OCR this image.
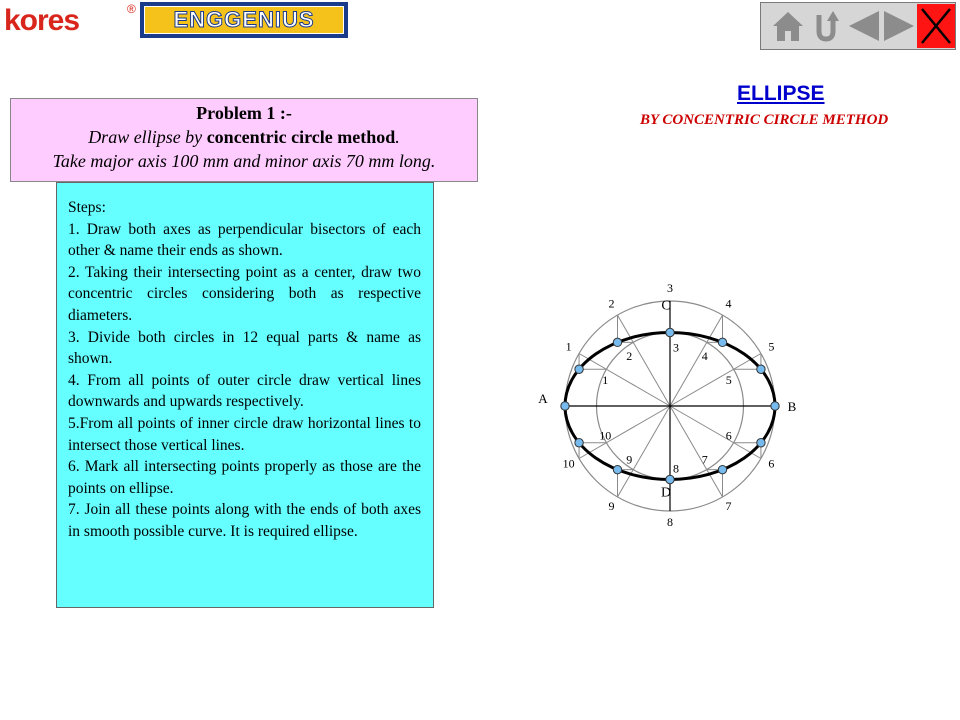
kores	®	ENGGENIUS
ELLIPSE
BY CONCENTRIC CIRCLE METHOD
Problem 1 :-
Draw ellipse by concentric circle method.
Take major axis 100 mm and minor axis 70 mm long.
Steps:
1. Draw both axes as perpendicular bisectors of each other & name their ends as shown.
2. Taking their intersecting point as a center, draw two concentric circles considering both as respective diameters.
3. Divide both circles in 12 equal parts & name as shown.
4. From all points of outer circle draw vertical lines downwards and upwards respectively.
5.From all points of inner circle draw horizontal lines to intersect those vertical lines.
6. Mark all intersecting points properly as those are the points on ellipse.
7. Join all these points along with the ends of both axes in smooth possible curve. It is required ellipse.
1
2
3
4
5
6
7
8
9
10
1
2
3
4
5
6
7
8
9
10
A
B
C
D
